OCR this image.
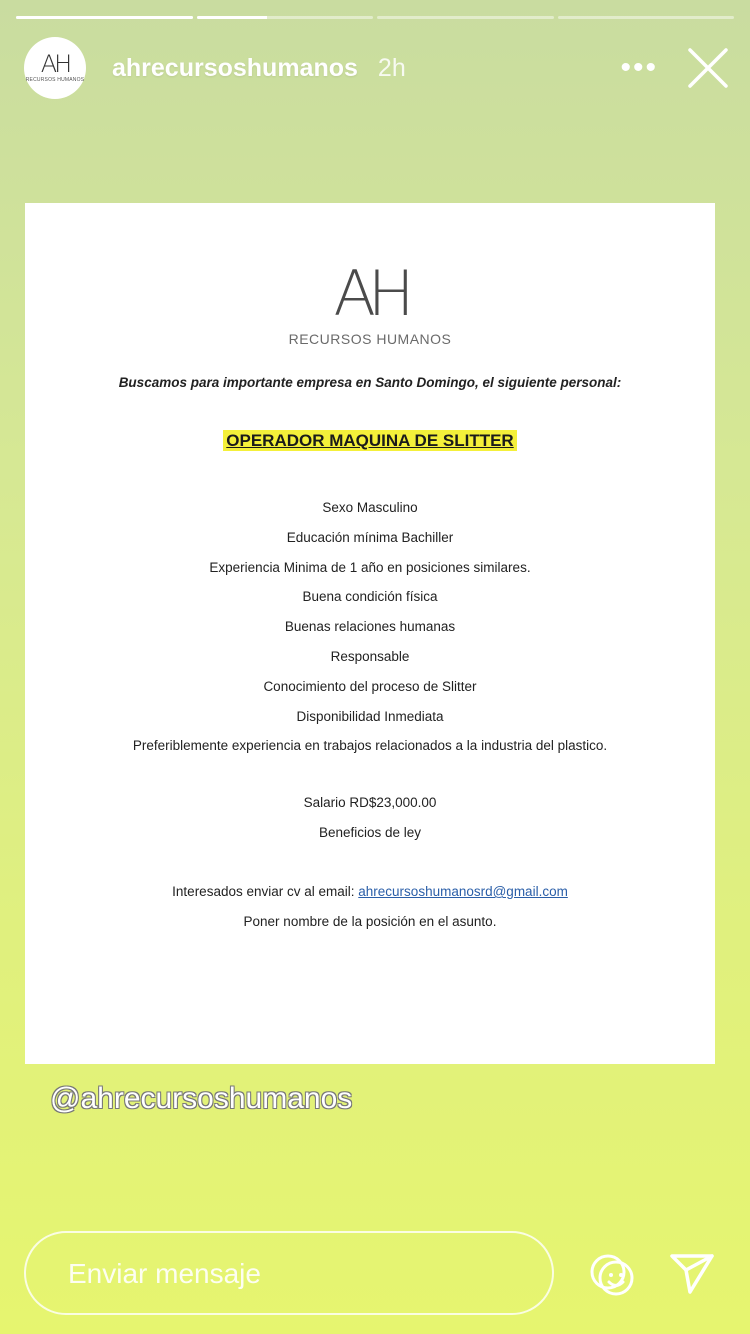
AH
RECURSOS HUMANOS ahrecursoshumanos 2h	•••
AH
RECURSOS HUMANOS
Buscamos para importante empresa en Santo Domingo, el siguiente personal:
OPERADOR MAQUINA DE SLITTER
Sexo Masculino
Educación mínima Bachiller
Experiencia Minima de 1 año en posiciones similares.
Buena condición física
Buenas relaciones humanas
Responsable
Conocimiento del proceso de Slitter
Disponibilidad Inmediata
Preferiblemente experiencia en trabajos relacionados a la industria del plastico.
Salario RD$23,000.00
Beneficios de ley
Interesados enviar cv al email: ahrecursoshumanosrd@gmail.com
Poner nombre de la posición en el asunto.
@ahrecursoshumanos
Enviar mensaje
